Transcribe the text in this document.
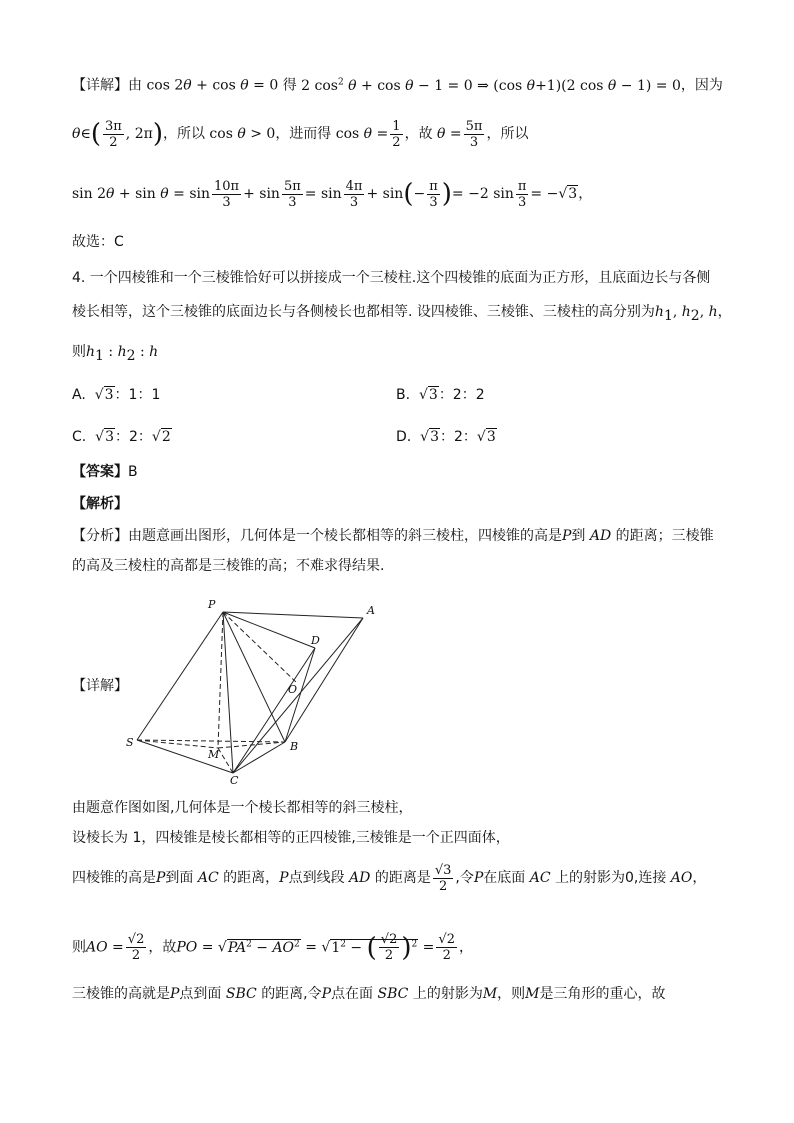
【详解】由 cos 2θ + cos θ = 0 得 2 $\cos^2 \theta + \cos \theta - 1 = 0$ ⇒ (cos θ+1)(2 cos θ − 1) = 0，因为
θ∈( $\frac{3\pi}{2}$ , 2π)，所以 cos θ > 0，进而得 $\cos \theta = \frac{1}{2}$ ，故 $\theta = \frac{5\pi}{3}$ ，所以
$\sin 2\theta + \sin \theta = \sin \frac{10\pi}{3} + \sin \frac{5\pi}{3} = \sin \frac{4\pi}{3} + \sin(- \frac{\pi}{3}$ )= −2 $\sin \frac{\pi}{3} = -√3$，
故选：C
4. 一个四棱锥和一个三棱锥恰好可以拼接成一个三棱柱.这个四棱锥的底面为正方形，且底面边长与各侧
棱长相等，这个三棱锥的底面边长与各侧棱长也都相等. 设四棱锥、三棱锥、三棱柱的高分别为$h_1$, $h_2$, h，
则$h_1$ : $h_2$ : h
A. √3：1：1	B. √3：2：2
C. √3：2：√2	D. √3：2：√3
【答案】B
【解析】
【分析】由题意画出图形，几何体是一个棱长都相等的斜三棱柱，四棱锥的高是P到 AD 的距离；三棱锥
的高及三棱柱的高都是三棱锥的高；不难求得结果.
【详解】
P	A
D
O
S
M
B
C
由题意作图如图,几何体是一个棱长都相等的斜三棱柱，
设棱长为 1，四棱锥是棱长都相等的正四棱锥,三棱锥是一个正四面体，
四棱锥的高是P到面 AC 的距离，P点到线段 AD 的距离是 $\frac{√3}{2}$ ,令P在底面 AC 上的射影为0,连接 AO，
则AO = $\frac{√2}{2}$ ，故PO = $√PA^2 - AO^2 = √1^2$ − ( $\frac{√2}{2} )^2 = \frac{√2}{2}$ ，
三棱锥的高就是P点到面 SBC 的距离,令P点在面 SBC 上的射影为M，则M是三角形的重心，故
